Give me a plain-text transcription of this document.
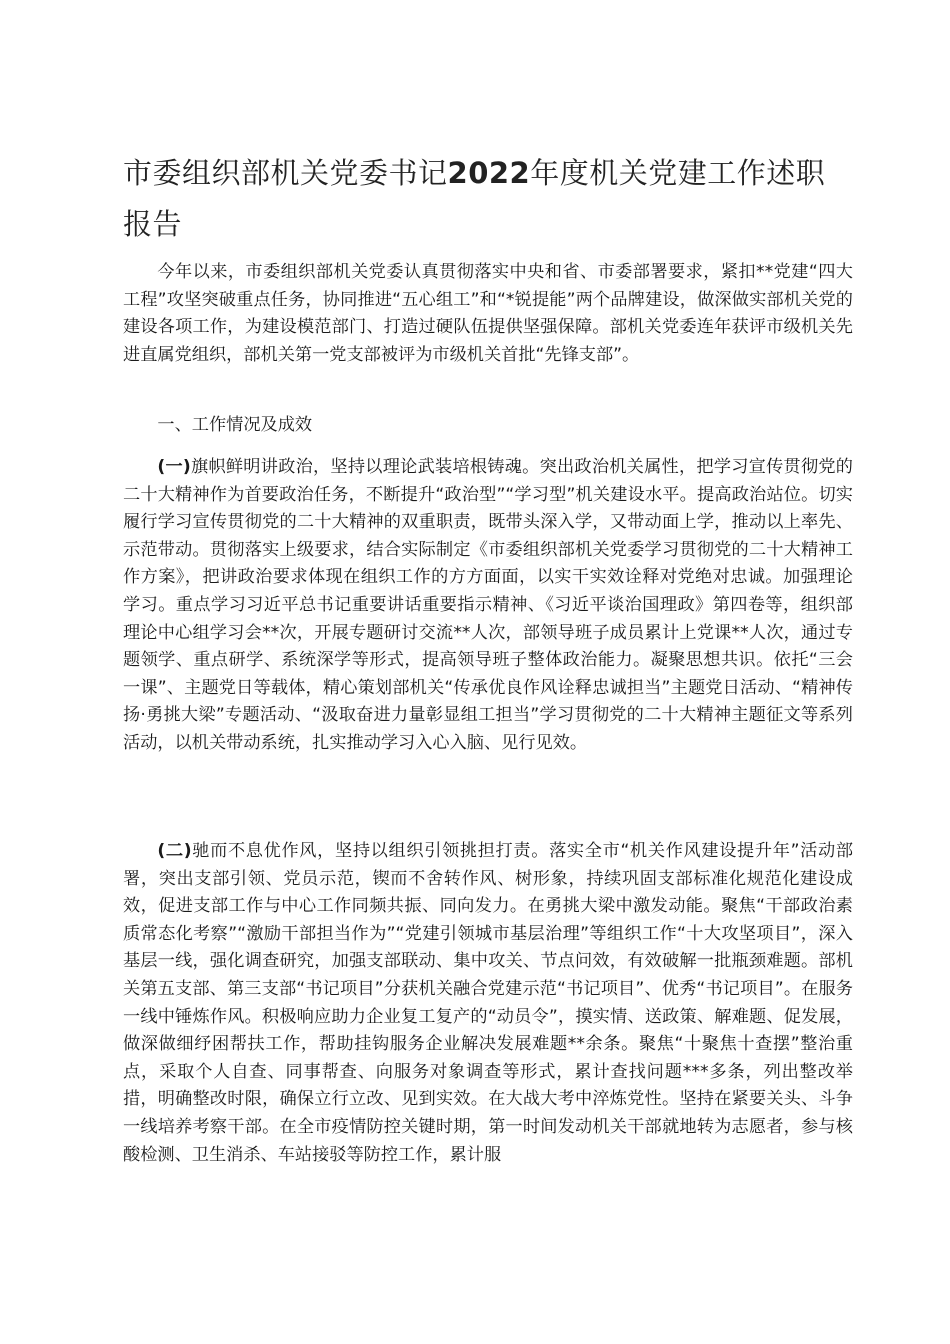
市委组织部机关党委书记2022年度机关党建工作述职报告

今年以来，市委组织部机关党委认真贯彻落实中央和省、市委部署要求，紧扣**党建“四大工程”攻坚突破重点任务，协同推进“五心组工”和“*锐提能”两个品牌建设，做深做实部机关党的建设各项工作，为建设模范部门、打造过硬队伍提供坚强保障。部机关党委连年获评市级机关先进直属党组织，部机关第一党支部被评为市级机关首批“先锋支部”。

一、工作情况及成效

(一)旗帜鲜明讲政治，坚持以理论武装培根铸魂。突出政治机关属性，把学习宣传贯彻党的二十大精神作为首要政治任务，不断提升“政治型”“学习型”机关建设水平。提高政治站位。切实履行学习宣传贯彻党的二十大精神的双重职责，既带头深入学，又带动面上学，推动以上率先、示范带动。贯彻落实上级要求，结合实际制定《市委组织部机关党委学习贯彻党的二十大精神工作方案》，把讲政治要求体现在组织工作的方方面面，以实干实效诠释对党绝对忠诚。加强理论学习。重点学习习近平总书记重要讲话重要指示精神、《习近平谈治国理政》第四卷等，组织部理论中心组学习会**次，开展专题研讨交流**人次，部领导班子成员累计上党课**人次，通过专题领学、重点研学、系统深学等形式，提高领导班子整体政治能力。凝聚思想共识。依托“三会一课”、主题党日等载体，精心策划部机关“传承优良作风诠释忠诚担当”主题党日活动、“精神传扬·勇挑大梁”专题活动、“汲取奋进力量彰显组工担当”学习贯彻党的二十大精神主题征文等系列活动，以机关带动系统，扎实推动学习入心入脑、见行见效。

(二)驰而不息优作风，坚持以组织引领挑担打责。落实全市“机关作风建设提升年”活动部署，突出支部引领、党员示范，锲而不舍转作风、树形象，持续巩固支部标准化规范化建设成效，促进支部工作与中心工作同频共振、同向发力。在勇挑大梁中激发动能。聚焦“干部政治素质常态化考察”“激励干部担当作为”“党建引领城市基层治理”等组织工作“十大攻坚项目”，深入基层一线，强化调查研究，加强支部联动、集中攻关、节点问效，有效破解一批瓶颈难题。部机关第五支部、第三支部“书记项目”分获机关融合党建示范“书记项目”、优秀“书记项目”。在服务一线中锤炼作风。积极响应助力企业复工复产的“动员令”，摸实情、送政策、解难题、促发展，做深做细纾困帮扶工作，帮助挂钩服务企业解决发展难题**余条。聚焦“十聚焦十查摆”整治重点，采取个人自查、同事帮查、向服务对象调查等形式，累计查找问题***多条，列出整改举措，明确整改时限，确保立行立改、见到实效。在大战大考中淬炼党性。坚持在紧要关头、斗争一线培养考察干部。在全市疫情防控关键时期，第一时间发动机关干部就地转为志愿者，参与核酸检测、卫生消杀、车站接驳等防控工作，累计服
